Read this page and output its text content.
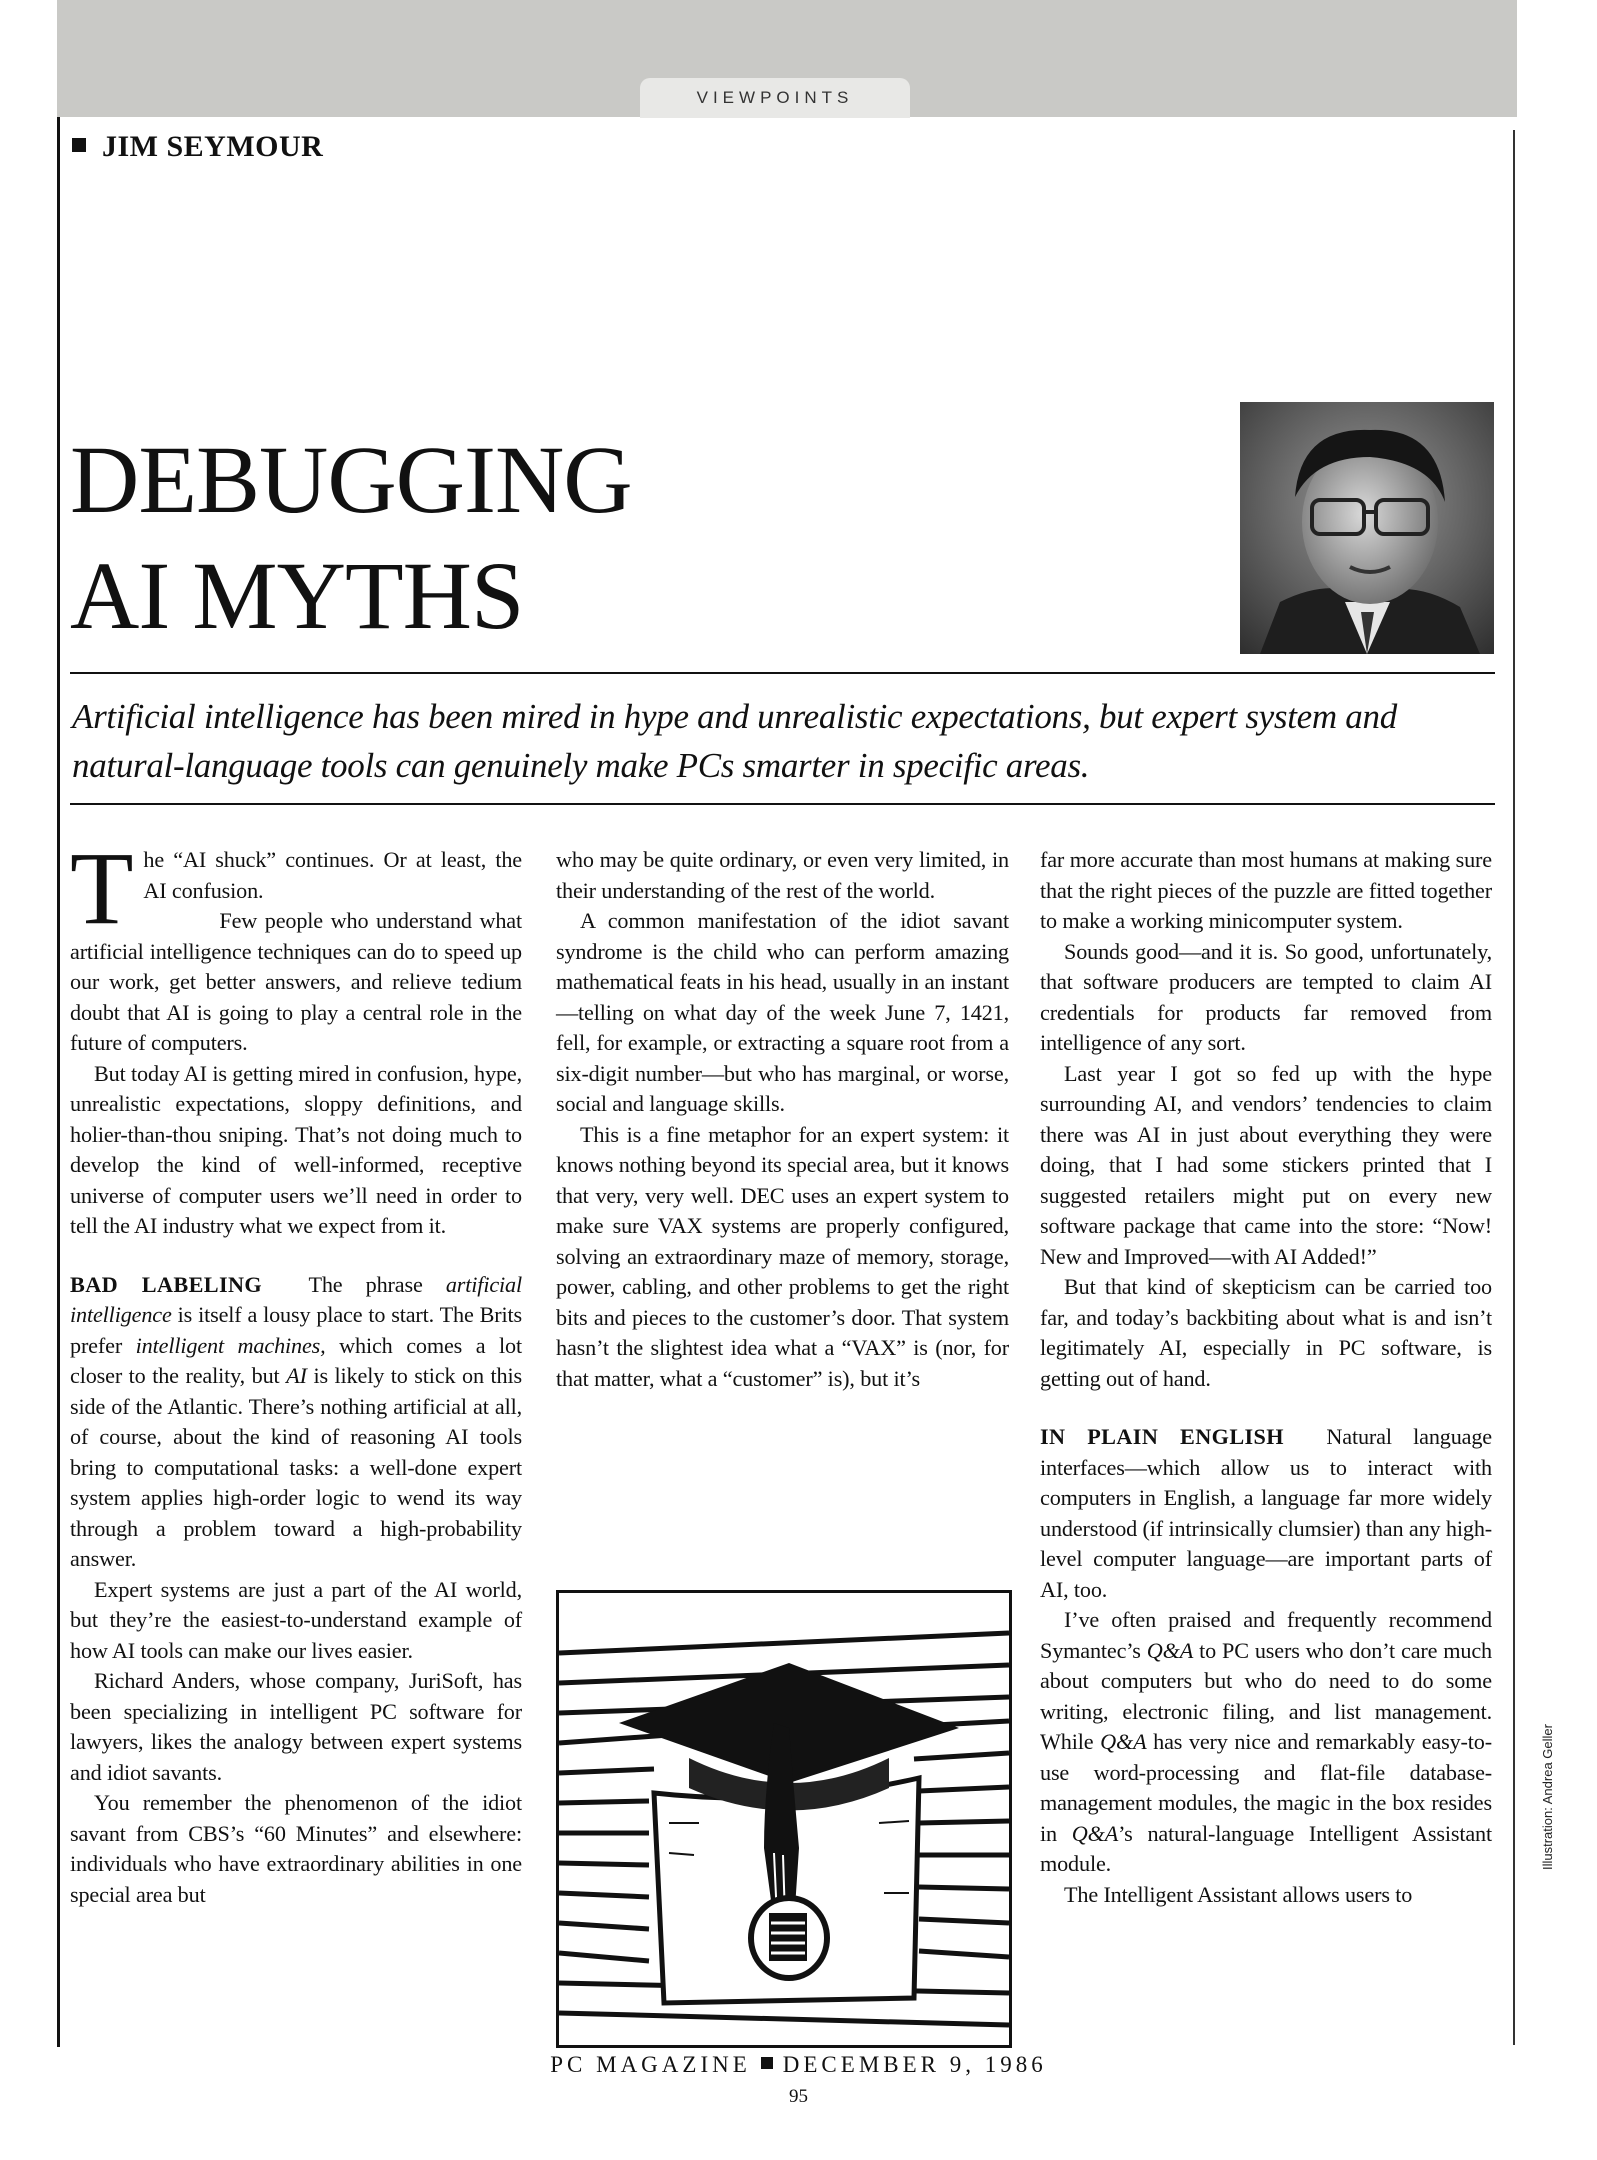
VIEWPOINTS
JIM SEYMOUR
DEBUGGING
AI MYTHS
Artificial intelligence has been mired in hype and unrealistic expectations, but expert system and natural-language tools can genuinely make PCs smarter in specific areas.

The “AI shuck” continues. Or at least, the AI confusion.

Few people who understand what artificial intelligence techniques can do to speed up our work, get better answers, and relieve tedium doubt that AI is going to play a central role in the future of computers.

But today AI is getting mired in confusion, hype, unrealistic expectations, sloppy definitions, and holier-than-thou sniping. That’s not doing much to develop the kind of well-informed, receptive universe of computer users we’ll need in order to tell the AI industry what we expect from it.

BAD LABELING The phrase artificial intelligence is itself a lousy place to start. The Brits prefer intelligent machines, which comes a lot closer to the reality, but AI is likely to stick on this side of the Atlantic. There’s nothing artificial at all, of course, about the kind of reasoning AI tools bring to computational tasks: a well-done expert system applies high-order logic to wend its way through a problem toward a high-probability answer.

Expert systems are just a part of the AI world, but they’re the easiest-to-understand example of how AI tools can make our lives easier.

Richard Anders, whose company, JuriSoft, has been specializing in intelligent PC software for lawyers, likes the analogy between expert systems and idiot savants.

You remember the phenomenon of the idiot savant from CBS’s “60 Minutes” and elsewhere: individuals who have extraordinary abilities in one special area but

who may be quite ordinary, or even very limited, in their understanding of the rest of the world.

A common manifestation of the idiot savant syndrome is the child who can perform amazing mathematical feats in his head, usually in an instant—telling on what day of the week June 7, 1421, fell, for example, or extracting a square root from a six-digit number—but who has marginal, or worse, social and language skills.

This is a fine metaphor for an expert system: it knows nothing beyond its special area, but it knows that very, very well. DEC uses an expert system to make sure VAX systems are properly configured, solving an extraordinary maze of memory, storage, power, cabling, and other problems to get the right bits and pieces to the customer’s door. That system hasn’t the slightest idea what a “VAX” is (nor, for that matter, what a “customer” is), but it’s

far more accurate than most humans at making sure that the right pieces of the puzzle are fitted together to make a working minicomputer system.

Sounds good—and it is. So good, unfortunately, that software producers are tempted to claim AI credentials for products far removed from intelligence of any sort.

Last year I got so fed up with the hype surrounding AI, and vendors’ tendencies to claim there was AI in just about everything they were doing, that I had some stickers printed that I suggested retailers might put on every new software package that came into the store: “Now! New and Improved—with AI Added!”

But that kind of skepticism can be carried too far, and today’s backbiting about what is and isn’t legitimately AI, especially in PC software, is getting out of hand.

IN PLAIN ENGLISH Natural language interfaces—which allow us to interact with computers in English, a language far more widely understood (if intrinsically clumsier) than any high-level computer language—are important parts of AI, too.

I’ve often praised and frequently recommend Symantec’s Q&A to PC users who don’t care much about computers but who do need to do some writing, electronic filing, and list management. While Q&A has very nice and remarkably easy-to-use word-processing and flat-file database-management modules, the magic in the box resides in Q&A’s natural-language Intelligent Assistant module.

The Intelligent Assistant allows users to

Illustration: Andrea Geller
PC MAGAZINE DECEMBER 9, 1986
95
